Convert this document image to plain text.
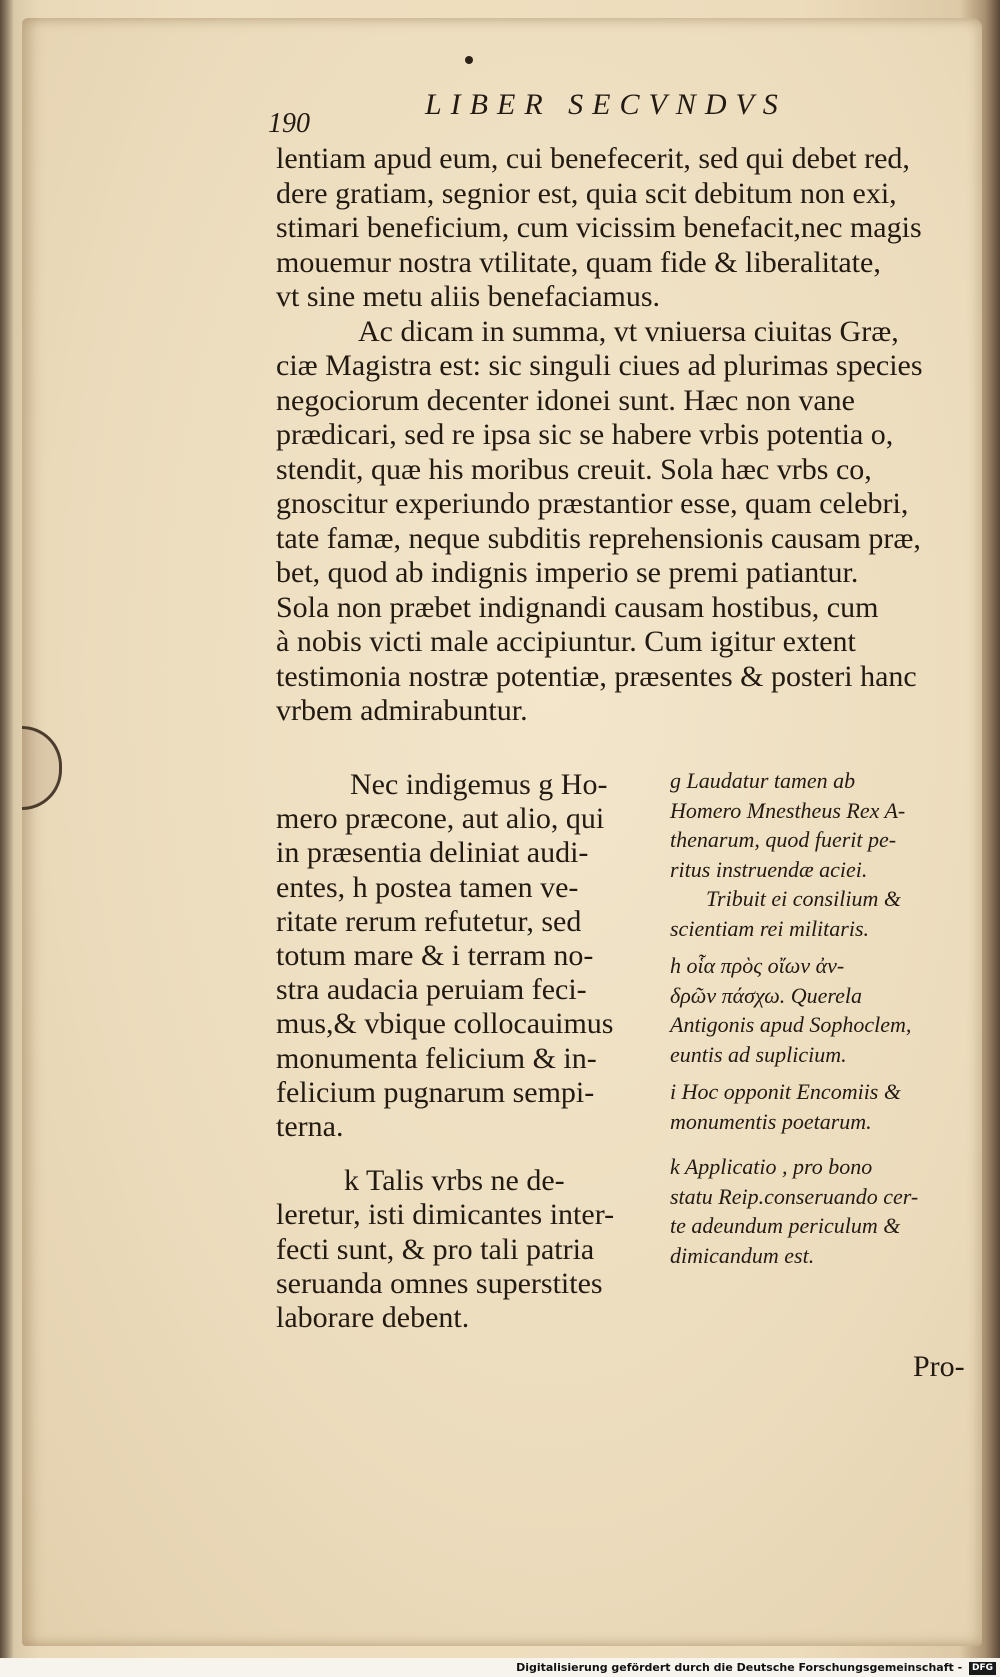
190
LIBER SECVNDVS
lentiam apud eum, cui benefecerit, sed qui debet red,
dere gratiam, segnior est, quia scit debitum non exi,
stimari beneficium, cum vicissim benefacit,nec magis
mouemur nostra vtilitate, quam fide & liberalitate,
vt sine metu aliis benefaciamus.
Ac dicam in summa, vt vniuersa ciuitas Græ,
ciæ Magistra est: sic singuli ciues ad plurimas species
negociorum decenter idonei sunt. Hæc non vane
prædicari, sed re ipsa sic se habere vrbis potentia o,
stendit, quæ his moribus creuit. Sola hæc vrbs co,
gnoscitur experiundo præstantior esse, quam celebri,
tate famæ, neque subditis reprehensionis causam præ,
bet, quod ab indignis imperio se premi patiantur.
Sola non præbet indignandi causam hostibus, cum
à nobis victi male accipiuntur. Cum igitur extent
testimonia nostræ potentiæ, præsentes & posteri hanc
vrbem admirabuntur.
Nec indigemus g Ho-
mero præcone, aut alio, qui
in præsentia deliniat audi-
entes, h postea tamen ve-
ritate rerum refutetur, sed
totum mare & i terram no-
stra audacia peruiam feci-
mus,& vbique collocauimus
monumenta felicium & in-
felicium pugnarum sempi-
terna.
k Talis vrbs ne de-
leretur, isti dimicantes inter-
fecti sunt, & pro tali patria
seruanda omnes superstites
laborare debent.
g Laudatur tamen ab
Homero Mnestheus Rex A-
thenarum, quod fuerit pe-
ritus instruendæ aciei.
Tribuit ei consilium &
scientiam rei militaris.
h οἷα πρὸς οἴων ἀν-
δρῶν πάσχω. Querela
Antigonis apud Sophoclem,
euntis ad suplicium.
i Hoc opponit Encomiis &
monumentis poetarum.
k Applicatio , pro bono
statu Reip.conseruando cer-
te adeundum periculum &
dimicandum est.
Pro-
Digitalisierung gefördert durch die Deutsche Forschungsgemeinschaft - DFG
